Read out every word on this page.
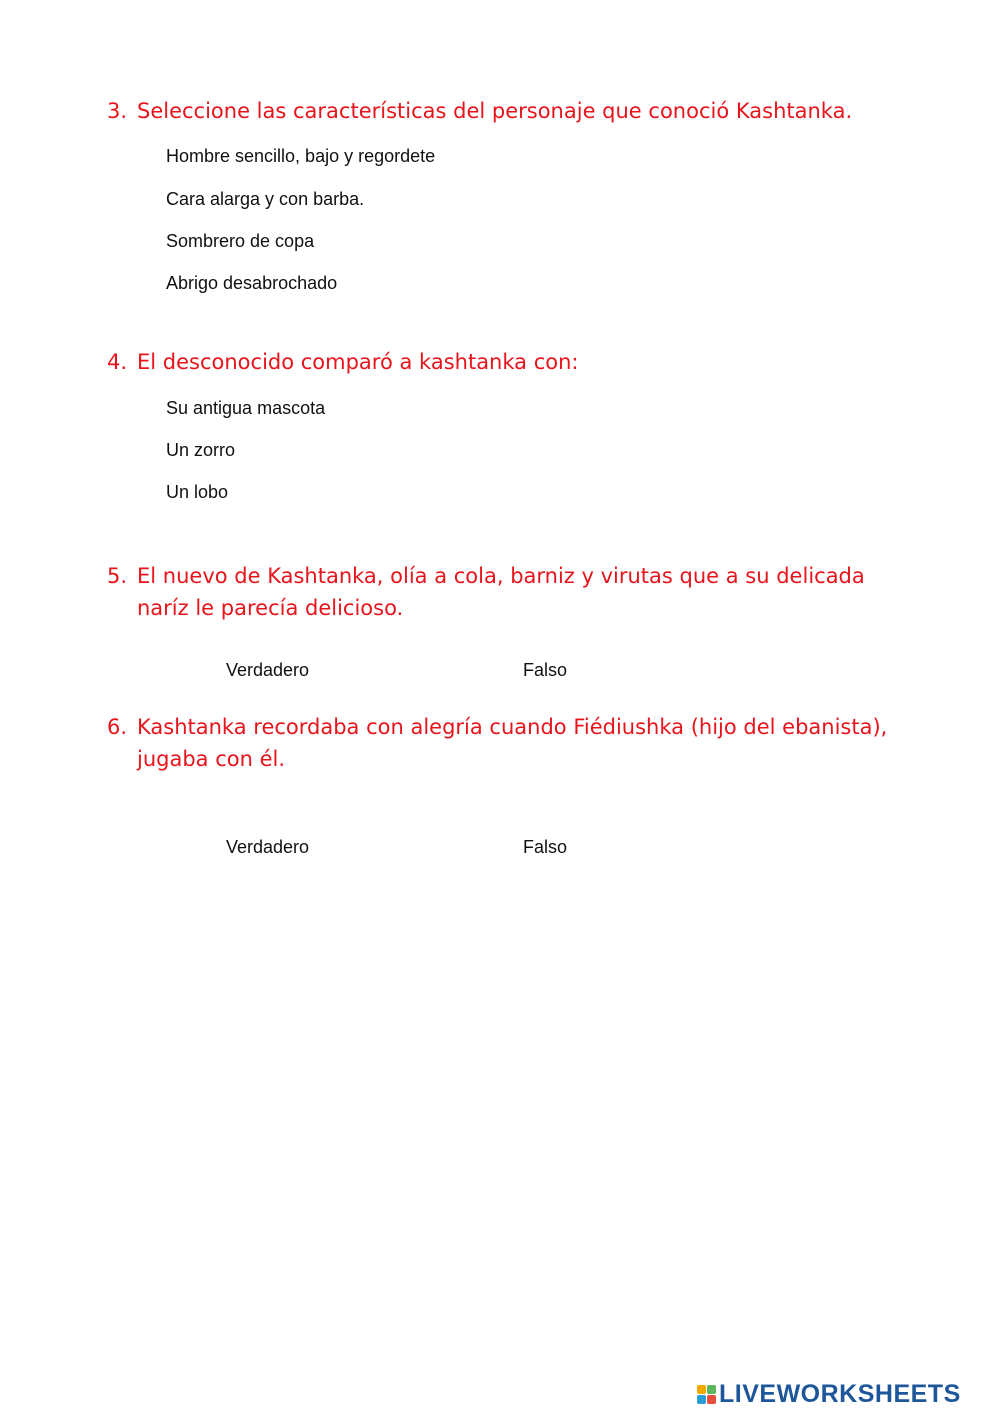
3. Seleccione las características del personaje que conoció Kashtanka.
Hombre sencillo, bajo y regordete
Cara alarga y con barba.
Sombrero de copa
Abrigo desabrochado
4. El desconocido comparó a kashtanka con:
Su antigua mascota
Un zorro
Un lobo
5. El nuevo de Kashtanka, olía a cola, barniz y virutas que a su delicada
naríz le parecía delicioso.
Verdadero	Falso
6. Kashtanka recordaba con alegría cuando Fiédiushka (hijo del ebanista),
jugaba con él.
Verdadero	Falso
LIVEWORKSHEETS
